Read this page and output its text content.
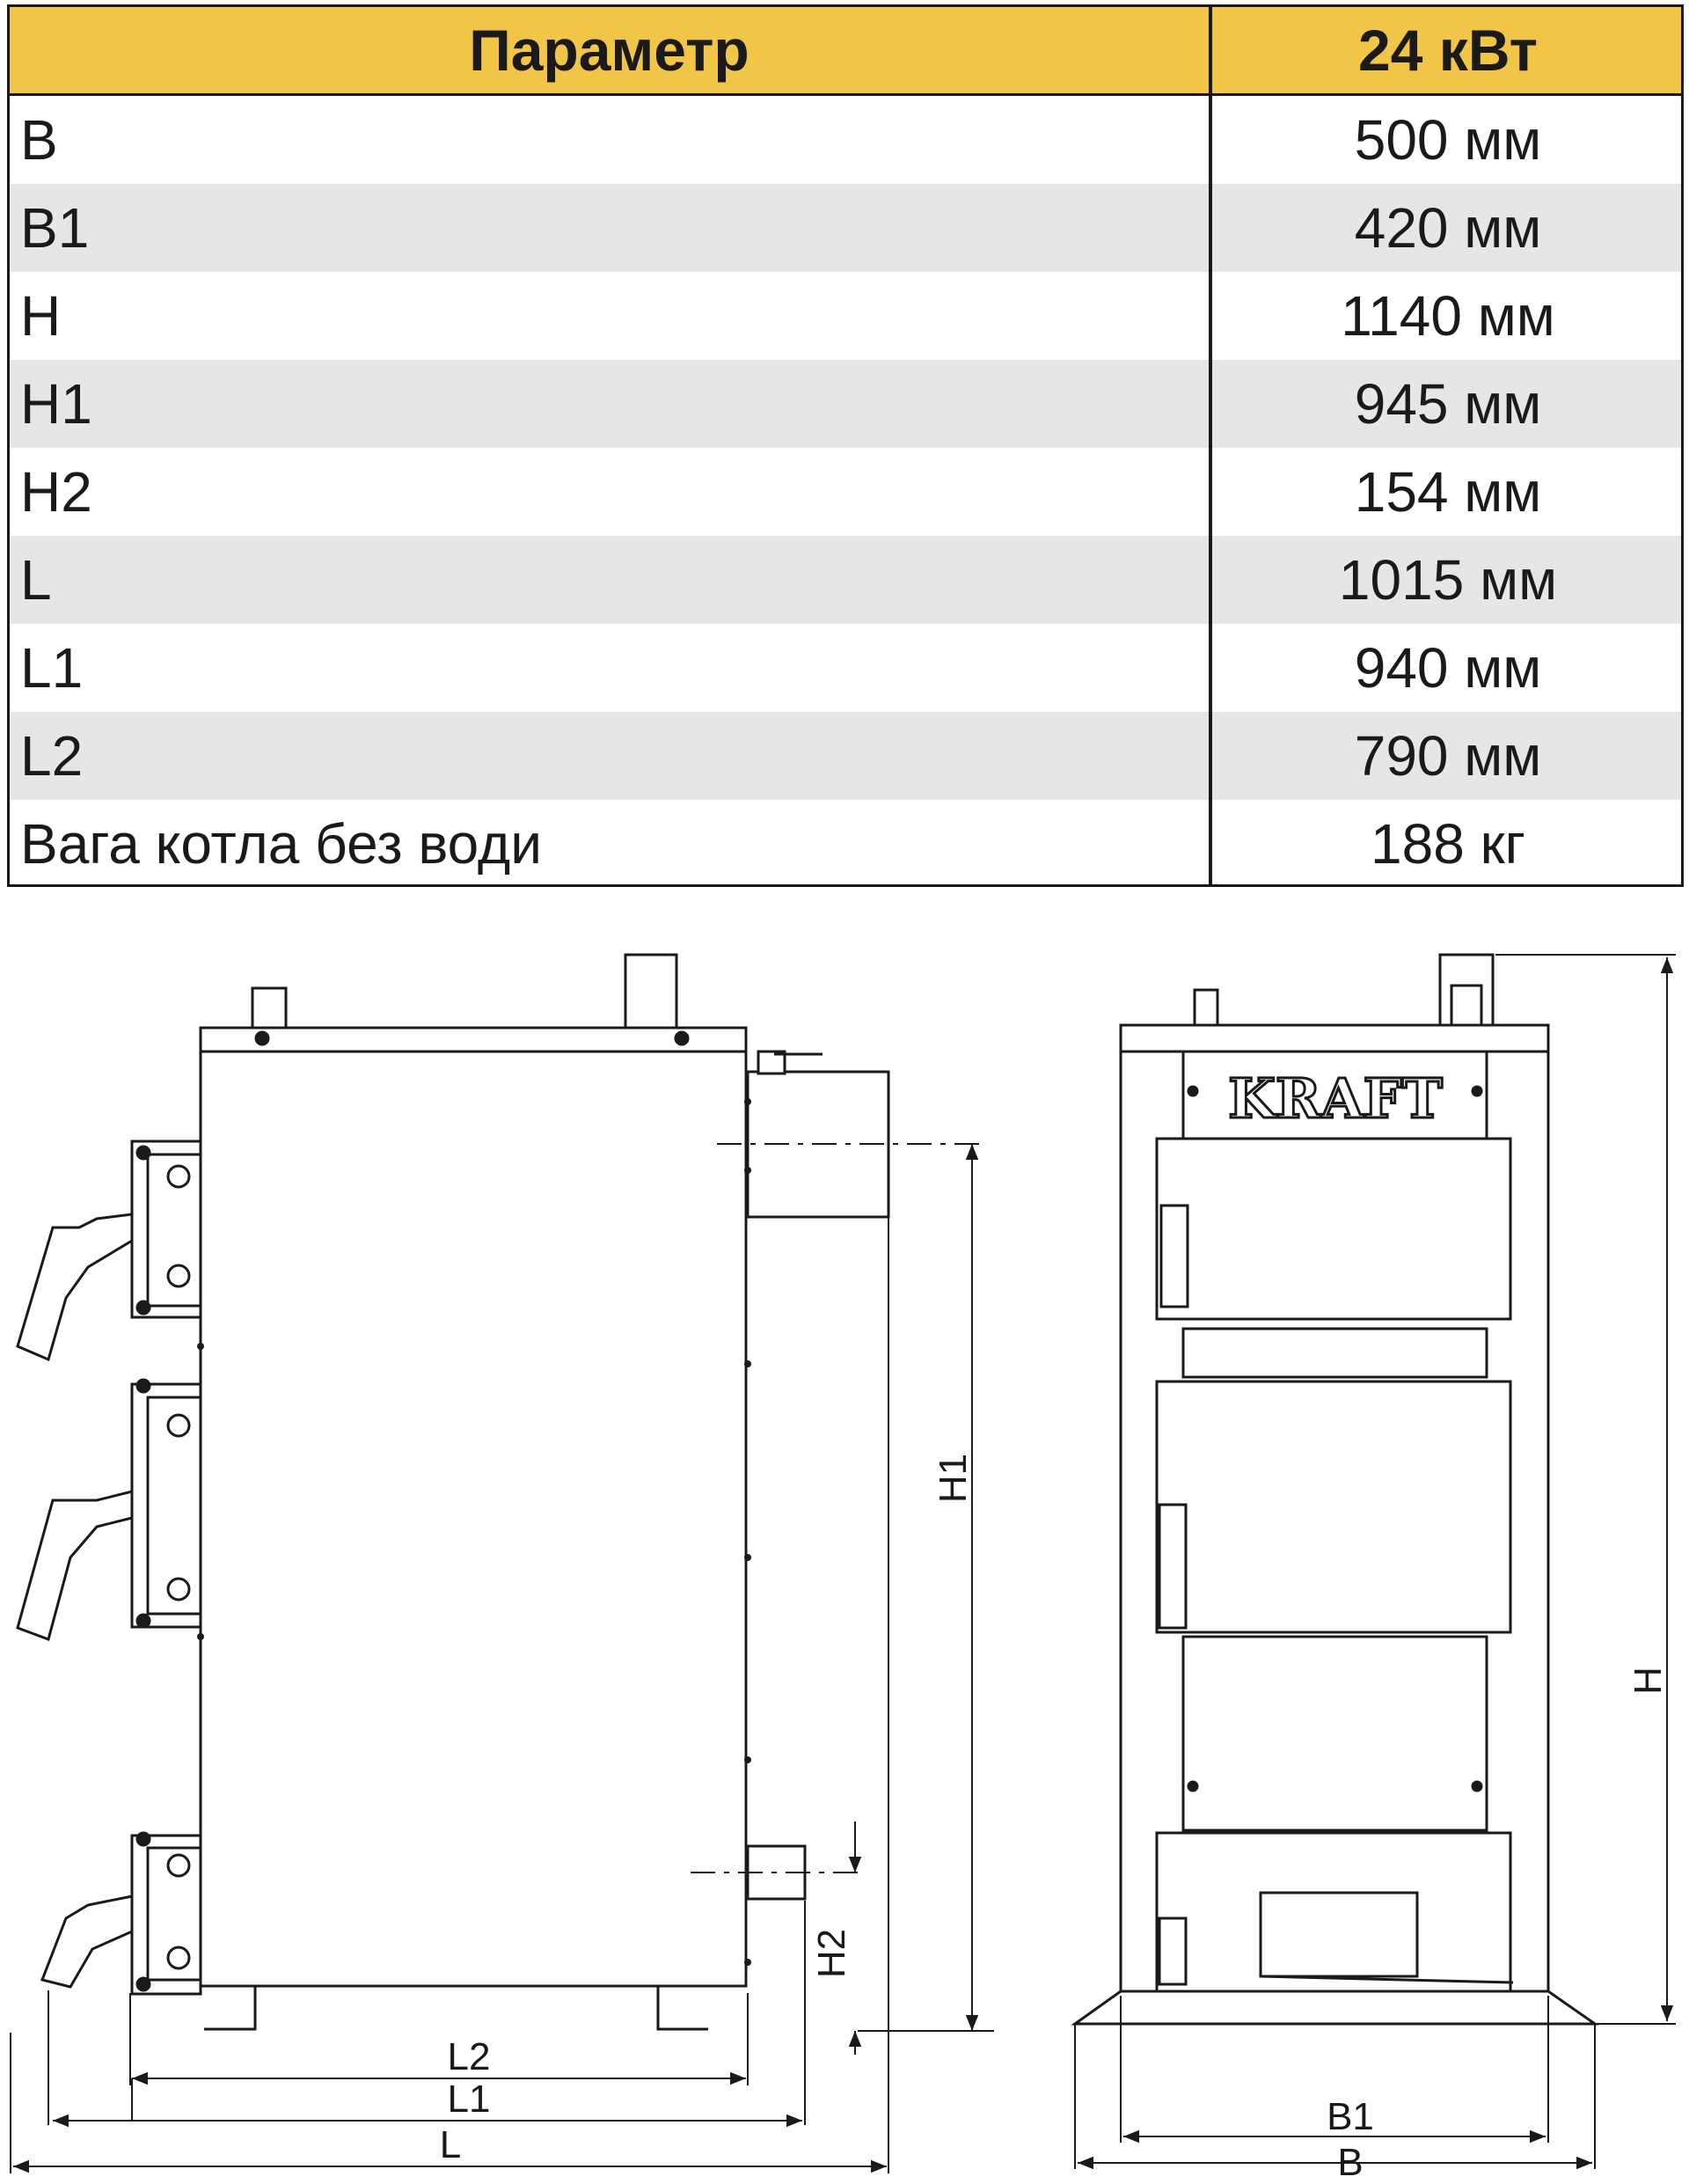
Параметр	24 кВт
B	500 мм
B1	420 мм
H	1140 мм
H1	945 мм
H2	154 мм
L	1015 мм
L1	940 мм
L2	790 мм
Вага котла без води	188 кг
KRAFT
H1
H2
H
L2
L1
L
B1
B
